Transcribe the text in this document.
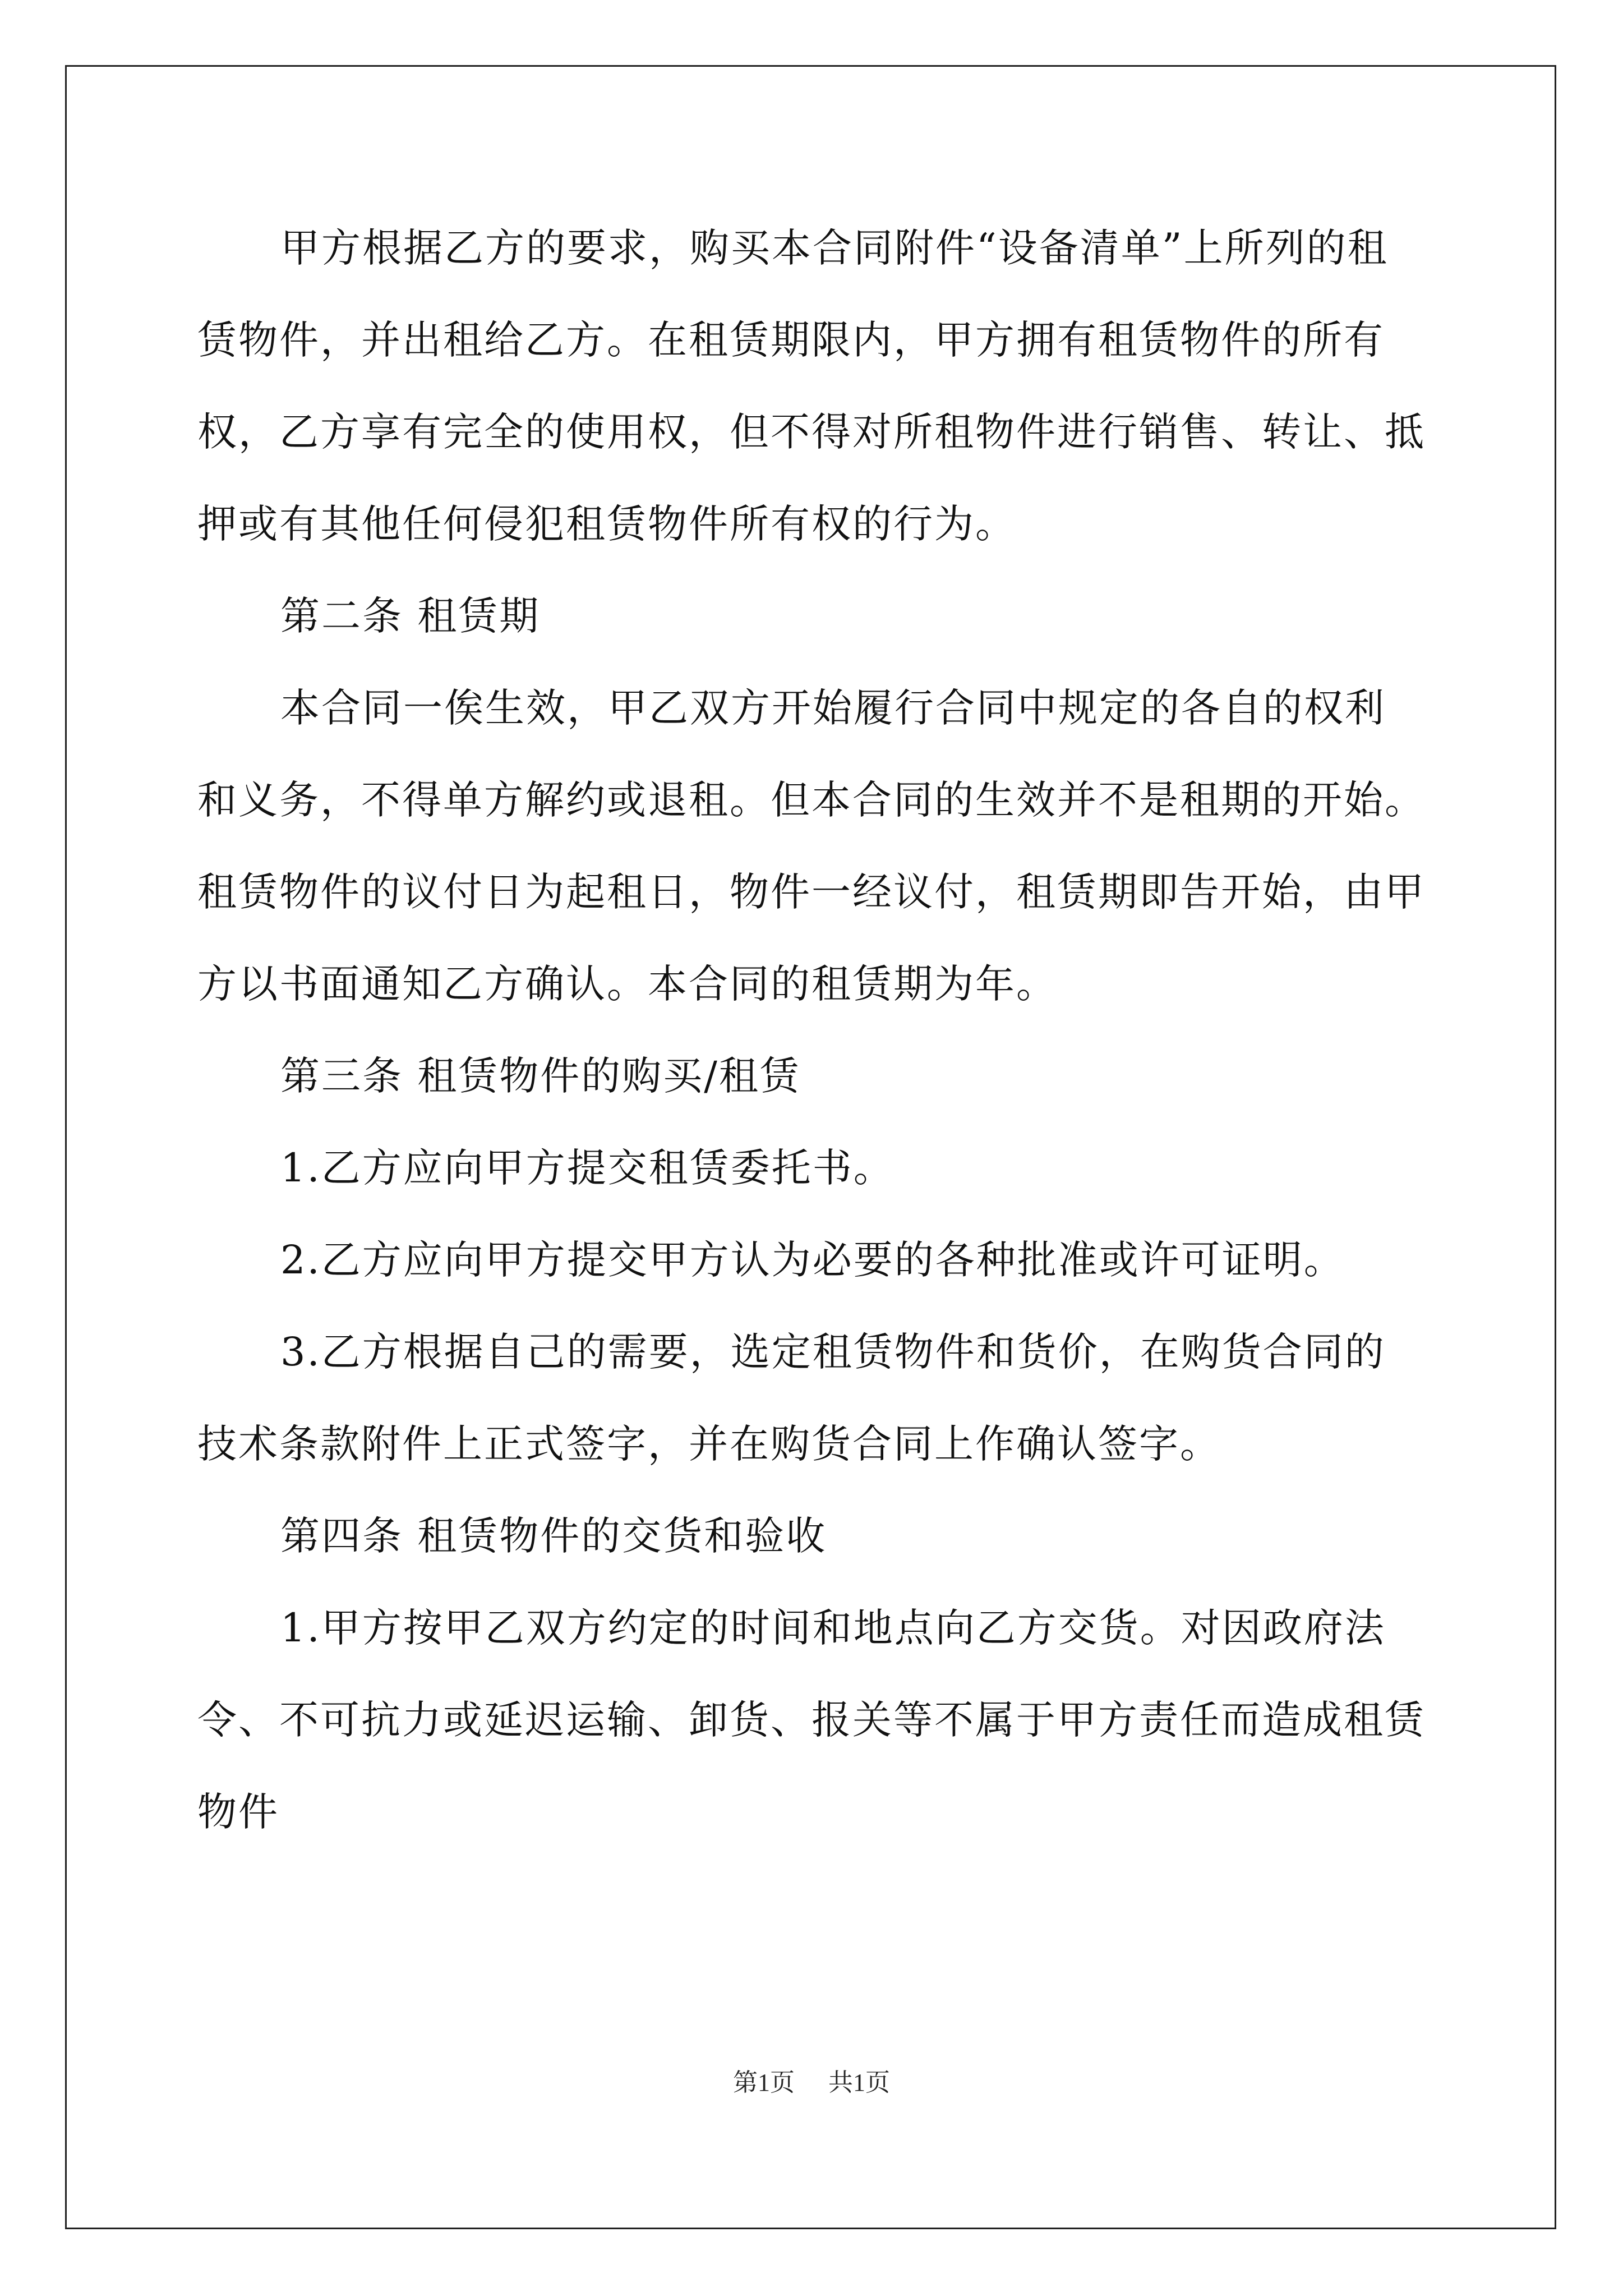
甲方根据乙方的要求，购买本合同附件“设备清单”上所列的租赁物件，并出租给乙方。在租赁期限内，甲方拥有租赁物件的所有权，乙方享有完全的使用权，但不得对所租物件进行销售、转让、抵押或有其他任何侵犯租赁物件所有权的行为。

第二条 租赁期

本合同一俟生效，甲乙双方开始履行合同中规定的各自的权利和义务，不得单方解约或退租。但本合同的生效并不是租期的开始。租赁物件的议付日为起租日，物件一经议付，租赁期即告开始，由甲方以书面通知乙方确认。本合同的租赁期为年。

第三条 租赁物件的购买/租赁

1.乙方应向甲方提交租赁委托书。

2.乙方应向甲方提交甲方认为必要的各种批准或许可证明。

3.乙方根据自己的需要，选定租赁物件和货价，在购货合同的技术条款附件上正式签字，并在购货合同上作确认签字。

第四条 租赁物件的交货和验收

1.甲方按甲乙双方约定的时间和地点向乙方交货。对因政府法令、不可抗力或延迟运输、卸货、报关等不属于甲方责任而造成租赁物件

第1页 共1页
